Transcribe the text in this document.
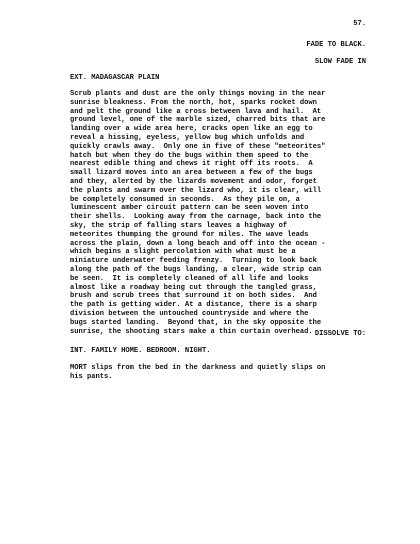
57.
FADE TO BLACK.
SLOW FADE IN
EXT. MADAGASCAR PLAIN
Scrub plants and dust are the only things moving in the near
sunrise bleakness. From the north, hot, sparks rocket down
and pelt the ground like a cross between lava and hail.  At
ground level, one of the marble sized, charred bits that are
landing over a wide area here, cracks open like an egg to
reveal a hissing, eyeless, yellow bug which unfolds and
quickly crawls away.  Only one in five of these "meteorites"
hatch but when they do the bugs within them speed to the
nearest edible thing and chews it right off its roots.  A
small lizard moves into an area between a few of the bugs
and they, alerted by the lizards movement and odor, forget
the plants and swarm over the lizard who, it is clear, will
be completely consumed in seconds.  As they pile on, a
luminescent amber circuit pattern can be seen woven into
their shells.  Looking away from the carnage, back into the
sky, the strip of falling stars leaves a highway of
meteorites thumping the ground for miles. The wave leads
across the plain, down a long beach and off into the ocean -
which begins a slight percolation with what must be a
miniature underwater feeding frenzy.  Turning to look back
along the path of the bugs landing, a clear, wide strip can
be seen.  It is completely cleaned of all life and looks
almost like a roadway being cut through the tangled grass,
brush and scrub trees that surround it on both sides.  And
the path is getting wider. At a distance, there is a sharp
division between the untouched countryside and where the
bugs started landing.  Beyond that, in the sky opposite the
sunrise, the shooting stars make a thin curtain overhead. DISSOLVE TO:
INT. FAMILY HOME. BEDROOM. NIGHT.
MORT slips from the bed in the darkness and quietly slips on
his pants.
